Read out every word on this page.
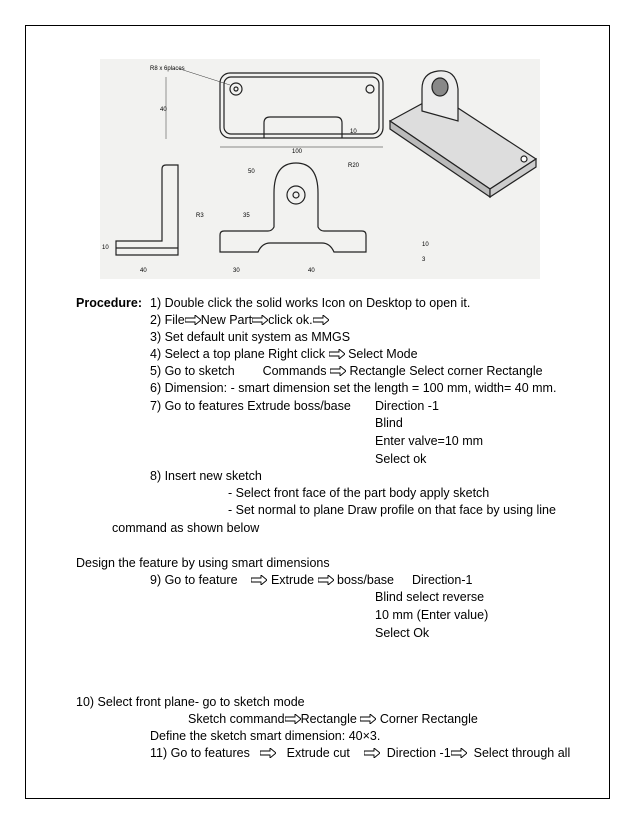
R8 x 6places
40
100
10
50
R20
R3	35
30	40
10
3
40
10
Procedure: 1) Double click the solid works Icon on Desktop to open it.
2) File New Part click ok.
3) Set default unit system as MMGS
4) Select a top plane Right click Select Mode
5) Go to sketch Commands Rectangle Select corner Rectangle
6) Dimension: - smart dimension set the length = 100 mm, width= 40 mm.
7) Go to features Extrude boss/base Direction -1
Blind
Enter valve=10 mm
Select ok
8) Insert new sketch
- Select front face of the part body apply sketch
- Set normal to plane Draw profile on that face by using line
command as shown below
Design the feature by using smart dimensions
9) Go to feature	Extrude boss/base Direction-1
Blind select reverse
10 mm (Enter value)
Select Ok
10) Select front plane- go to sketch mode
Sketch command Rectangle Corner Rectangle
Define the sketch smart dimension: 40×3.
11) Go to features	Extrude cut	Direction -1 Select through all
